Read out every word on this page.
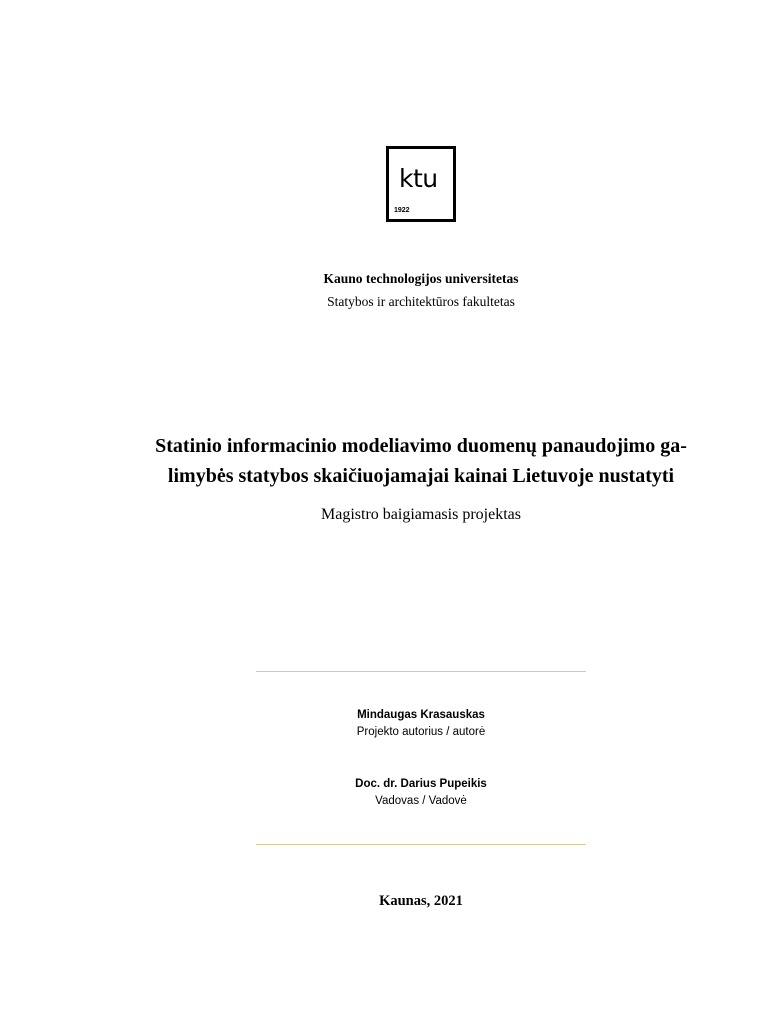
ktu
1922
Kauno technologijos universitetas
Statybos ir architektūros fakultetas
Statinio informacinio modeliavimo duomenų panaudojimo ga-
limybės statybos skaičiuojamajai kainai Lietuvoje nustatyti
Magistro baigiamasis projektas
Mindaugas Krasauskas
Projekto autorius / autorė
Doc. dr. Darius Pupeikis
Vadovas / Vadovė
Kaunas, 2021
